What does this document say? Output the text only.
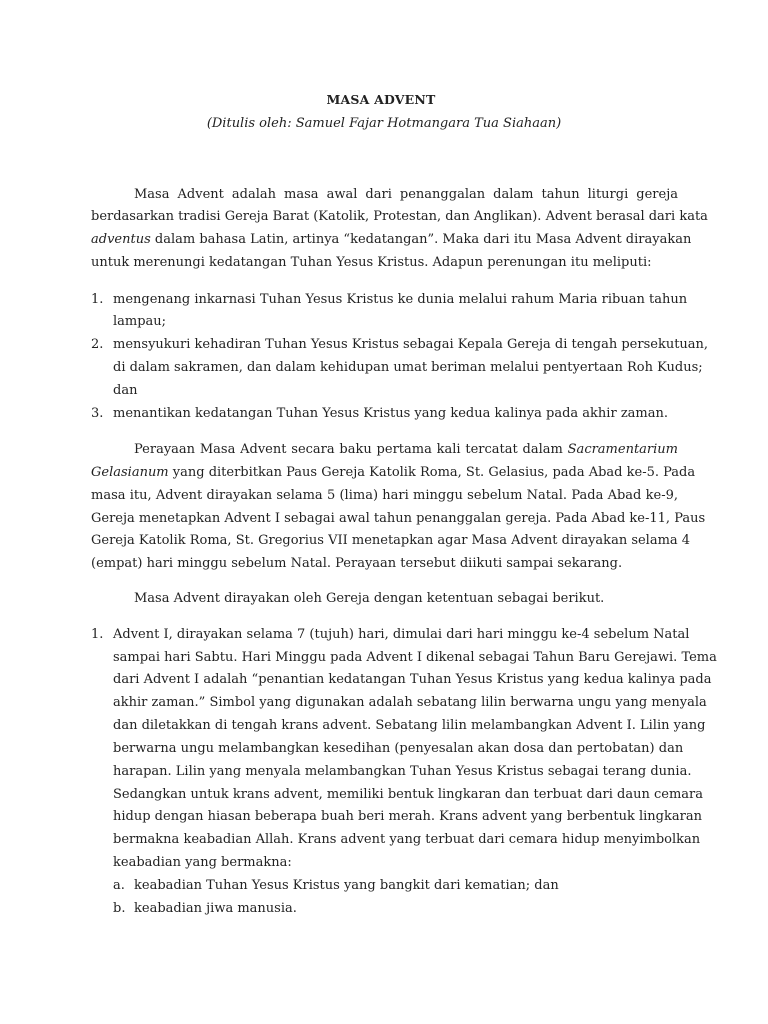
MASA ADVENT
(Ditulis oleh: Samuel Fajar Hotmangara Tua Siahaan)
Masa Advent adalah masa awal dari penanggalan dalam tahun liturgi gereja
berdasarkan tradisi Gereja Barat (Katolik, Protestan, dan Anglikan). Advent berasal dari kata
adventus dalam bahasa Latin, artinya “kedatangan”. Maka dari itu Masa Advent dirayakan
untuk merenungi kedatangan Tuhan Yesus Kristus. Adapun perenungan itu meliputi:
1. mengenang inkarnasi Tuhan Yesus Kristus ke dunia melalui rahum Maria ribuan tahun
lampau;
2. mensyukuri kehadiran Tuhan Yesus Kristus sebagai Kepala Gereja di tengah persekutuan,
di dalam sakramen, dan dalam kehidupan umat beriman melalui pentyertaan Roh Kudus;
dan
3. menantikan kedatangan Tuhan Yesus Kristus yang kedua kalinya pada akhir zaman.
Perayaan Masa Advent secara baku pertama kali tercatat dalam Sacramentarium
Gelasianum yang diterbitkan Paus Gereja Katolik Roma, St. Gelasius, pada Abad ke-5. Pada
masa itu, Advent dirayakan selama 5 (lima) hari minggu sebelum Natal. Pada Abad ke-9,
Gereja menetapkan Advent I sebagai awal tahun penanggalan gereja. Pada Abad ke-11, Paus
Gereja Katolik Roma, St. Gregorius VII menetapkan agar Masa Advent dirayakan selama 4
(empat) hari minggu sebelum Natal. Perayaan tersebut diikuti sampai sekarang.
Masa Advent dirayakan oleh Gereja dengan ketentuan sebagai berikut.
1. Advent I, dirayakan selama 7 (tujuh) hari, dimulai dari hari minggu ke-4 sebelum Natal
sampai hari Sabtu. Hari Minggu pada Advent I dikenal sebagai Tahun Baru Gerejawi. Tema
dari Advent I adalah “penantian kedatangan Tuhan Yesus Kristus yang kedua kalinya pada
akhir zaman.” Simbol yang digunakan adalah sebatang lilin berwarna ungu yang menyala
dan diletakkan di tengah krans advent. Sebatang lilin melambangkan Advent I. Lilin yang
berwarna ungu melambangkan kesedihan (penyesalan akan dosa dan pertobatan) dan
harapan. Lilin yang menyala melambangkan Tuhan Yesus Kristus sebagai terang dunia.
Sedangkan untuk krans advent, memiliki bentuk lingkaran dan terbuat dari daun cemara
hidup dengan hiasan beberapa buah beri merah. Krans advent yang berbentuk lingkaran
bermakna keabadian Allah. Krans advent yang terbuat dari cemara hidup menyimbolkan
keabadian yang bermakna:
a. keabadian Tuhan Yesus Kristus yang bangkit dari kematian; dan
b. keabadian jiwa manusia.
